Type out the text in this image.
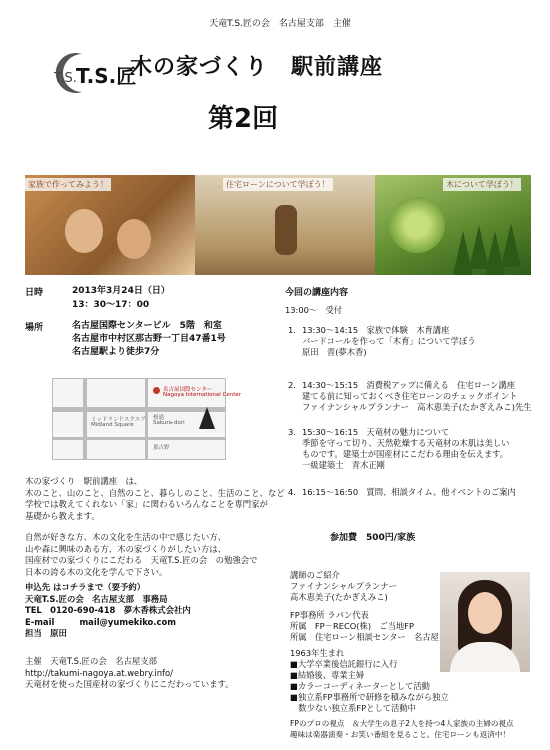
天竜T.S.匠の会　名古屋支部　主催
T.S. T.S.匠
木の家づくり　駅前講座
第2回
家族で作ってみよう！	住宅ローンについて学ぼう！	木について学ぼう！
日時	2013年3月24日（日）
13：30～17：00
場所	名古屋国際センタービル　5階　和室
名古屋市中村区那古野一丁目47番1号
名古屋駅より徒歩7分
名古屋国際センター
Nagoya International Center
ミッドランドスクエア
Midland Square
桜通
Sakura-dori
那古野
木の家づくり　駅前講座　は、
木のこと、山のこと、自然のこと、暮らしのこと、生活のこと、など
学校では教えてくれない「家」に関わるいろんなことを専門家が
基礎から教えます。
自然が好きな方、木の文化を生活の中で感じたい方、
山や森に興味のある方、木の家づくりがしたい方は、
国産材での家づくりにこだわる　天竜T.S.匠の会　の勉強会で
日本の誇る木の文化を学んで下さい。
申込先 はコチラまで（要予約）
天竜T.S.匠の会　名古屋支部　事務局
TEL　0120-690-418　夢木香株式会社内
E-mail　　　mail@yumekiko.com
担当　原田
主催　天竜T.S.匠の会　名古屋支部
http://takumi-nagoya.at.webry.info/
天竜材を使った国産材の家づくりにこだわっています。
今回の講座内容
13:00～　受付
1. 13:30～14:15　家族で体験　木育講座
バードコールを作って「木育」について学ぼう
原田　晋(夢木香)
2. 14:30～15:15　消費税アップに備える　住宅ローン講座
建てる前に知っておくべき住宅ローンのチェックポイント
ファイナンシャルプランナー　高木恵美子(たかぎえみこ)先生
3. 15:30～16:15　天竜材の魅力について
季節を守って切り、天然乾燥する天竜材の木肌は美しい
ものです。建築士が国産材にこだわる理由を伝えます。
一級建築士　青木正剛
4. 16:15～16:50　質問、相談タイム、他イベントのご案内
参加費　500円/家族
講師のご紹介
ファイナンシャルプランナー
高木恵美子(たかぎえみこ)
FP事務所 ラパン代表
所属　FP－RECO(株)　ご当地FP
所属　住宅ローン相談センター　名古屋
1963年生まれ
■大学卒業後信託銀行に入行
■結婚後、専業主婦
■カラーコーディネーターとして活動
■独立系FP事務所で研修を積みながら独立
　数少ない独立系FPとして活動中
FPのプロの視点　＆大学生の息子2人を持つ4人家族の主婦の視点
趣味は楽器演奏・お笑い番組を見ること。住宅ローンも返済中！
